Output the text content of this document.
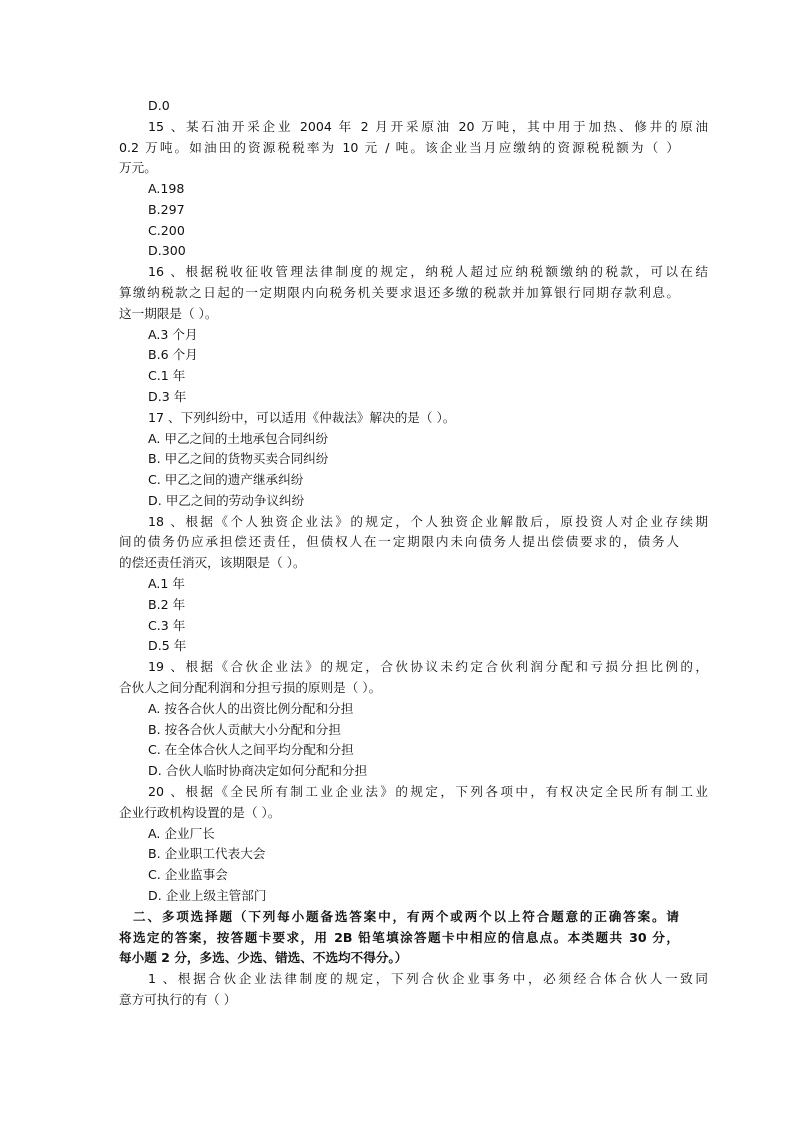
D.0
15 、某石油开采企业 2004 年 2 月开采原油 20 万吨，其中用于加热、修井的原油
0.2 万吨。如油田的资源税税率为 10 元 / 吨。该企业当月应缴纳的资源税税额为（ ）
万元。
A.198
B.297
C.200
D.300
16 、根据税收征收管理法律制度的规定，纳税人超过应纳税额缴纳的税款，可以在结
算缴纳税款之日起的一定期限内向税务机关要求退还多缴的税款并加算银行同期存款利息。
这一期限是（ ）。
A.3 个月
B.6 个月
C.1 年
D.3 年
17 、下列纠纷中，可以适用《仲裁法》解决的是（ ）。
A. 甲乙之间的土地承包合同纠纷
B. 甲乙之间的货物买卖合同纠纷
C. 甲乙之间的遗产继承纠纷
D. 甲乙之间的劳动争议纠纷
18 、根据《个人独资企业法》的规定，个人独资企业解散后，原投资人对企业存续期
间的债务仍应承担偿还责任，但债权人在一定期限内未向债务人提出偿债要求的，债务人
的偿还责任消灭，该期限是（ ）。
A.1 年
B.2 年
C.3 年
D.5 年
19 、根据《合伙企业法》的规定，合伙协议未约定合伙利润分配和亏损分担比例的，
合伙人之间分配利润和分担亏损的原则是（ ）。
A. 按各合伙人的出资比例分配和分担
B. 按各合伙人贡献大小分配和分担
C. 在全体合伙人之间平均分配和分担
D. 合伙人临时协商决定如何分配和分担
20 、根据《全民所有制工业企业法》的规定，下列各项中，有权决定全民所有制工业
企业行政机构设置的是（ ）。
A. 企业厂长
B. 企业职工代表大会
C. 企业监事会
D. 企业上级主管部门
二、多项选择题（下列每小题备选答案中，有两个或两个以上符合题意的正确答案。请
将选定的答案，按答题卡要求，用 2B 铅笔填涂答题卡中相应的信息点。本类题共 30 分，
每小题 2 分，多选、少选、错选、不选均不得分。）
1 、根据合伙企业法律制度的规定，下列合伙企业事务中，必须经合体合伙人一致同
意方可执行的有（ ）
